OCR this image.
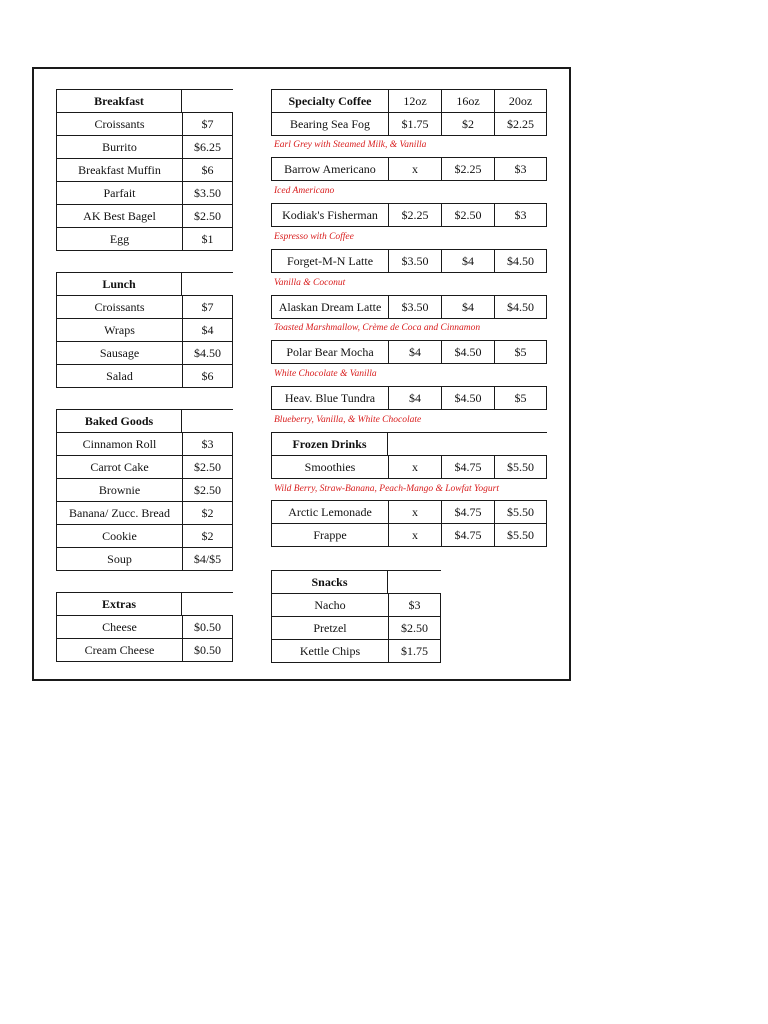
Breakfast
Croissants	$7
Burrito	$6.25
Breakfast Muffin	$6
Parfait	$3.50
AK Best Bagel	$2.50
Egg	$1
Lunch
Croissants	$7
Wraps	$4
Sausage	$4.50
Salad	$6
Baked Goods
Cinnamon Roll	$3
Carrot Cake	$2.50
Brownie	$2.50
Banana/ Zucc. Bread	$2
Cookie	$2
Soup	$4/$5
Extras
Cheese	$0.50
Cream Cheese	$0.50
Specialty Coffee	12oz	16oz	20oz
Bearing Sea Fog	$1.75	$2	$2.25
Earl Grey with Steamed Milk, & Vanilla
Barrow Americano	x	$2.25	$3
Iced Americano
Kodiak's Fisherman	$2.25	$2.50	$3
Espresso with Coffee
Forget-M-N Latte	$3.50	$4	$4.50
Vanilla & Coconut
Alaskan Dream Latte	$3.50	$4	$4.50
Toasted Marshmallow, Crème de Coca and Cinnamon
Polar Bear Mocha	$4	$4.50	$5
White Chocolate & Vanilla
Heav. Blue Tundra	$4	$4.50	$5
Blueberry, Vanilla, & White Chocolate
Frozen Drinks
Smoothies	x	$4.75	$5.50
Wild Berry, Straw-Banana, Peach-Mango & Lowfat Yogurt
Arctic Lemonade	x	$4.75	$5.50
Frappe	x	$4.75	$5.50
Snacks
Nacho	$3
Pretzel	$2.50
Kettle Chips	$1.75
